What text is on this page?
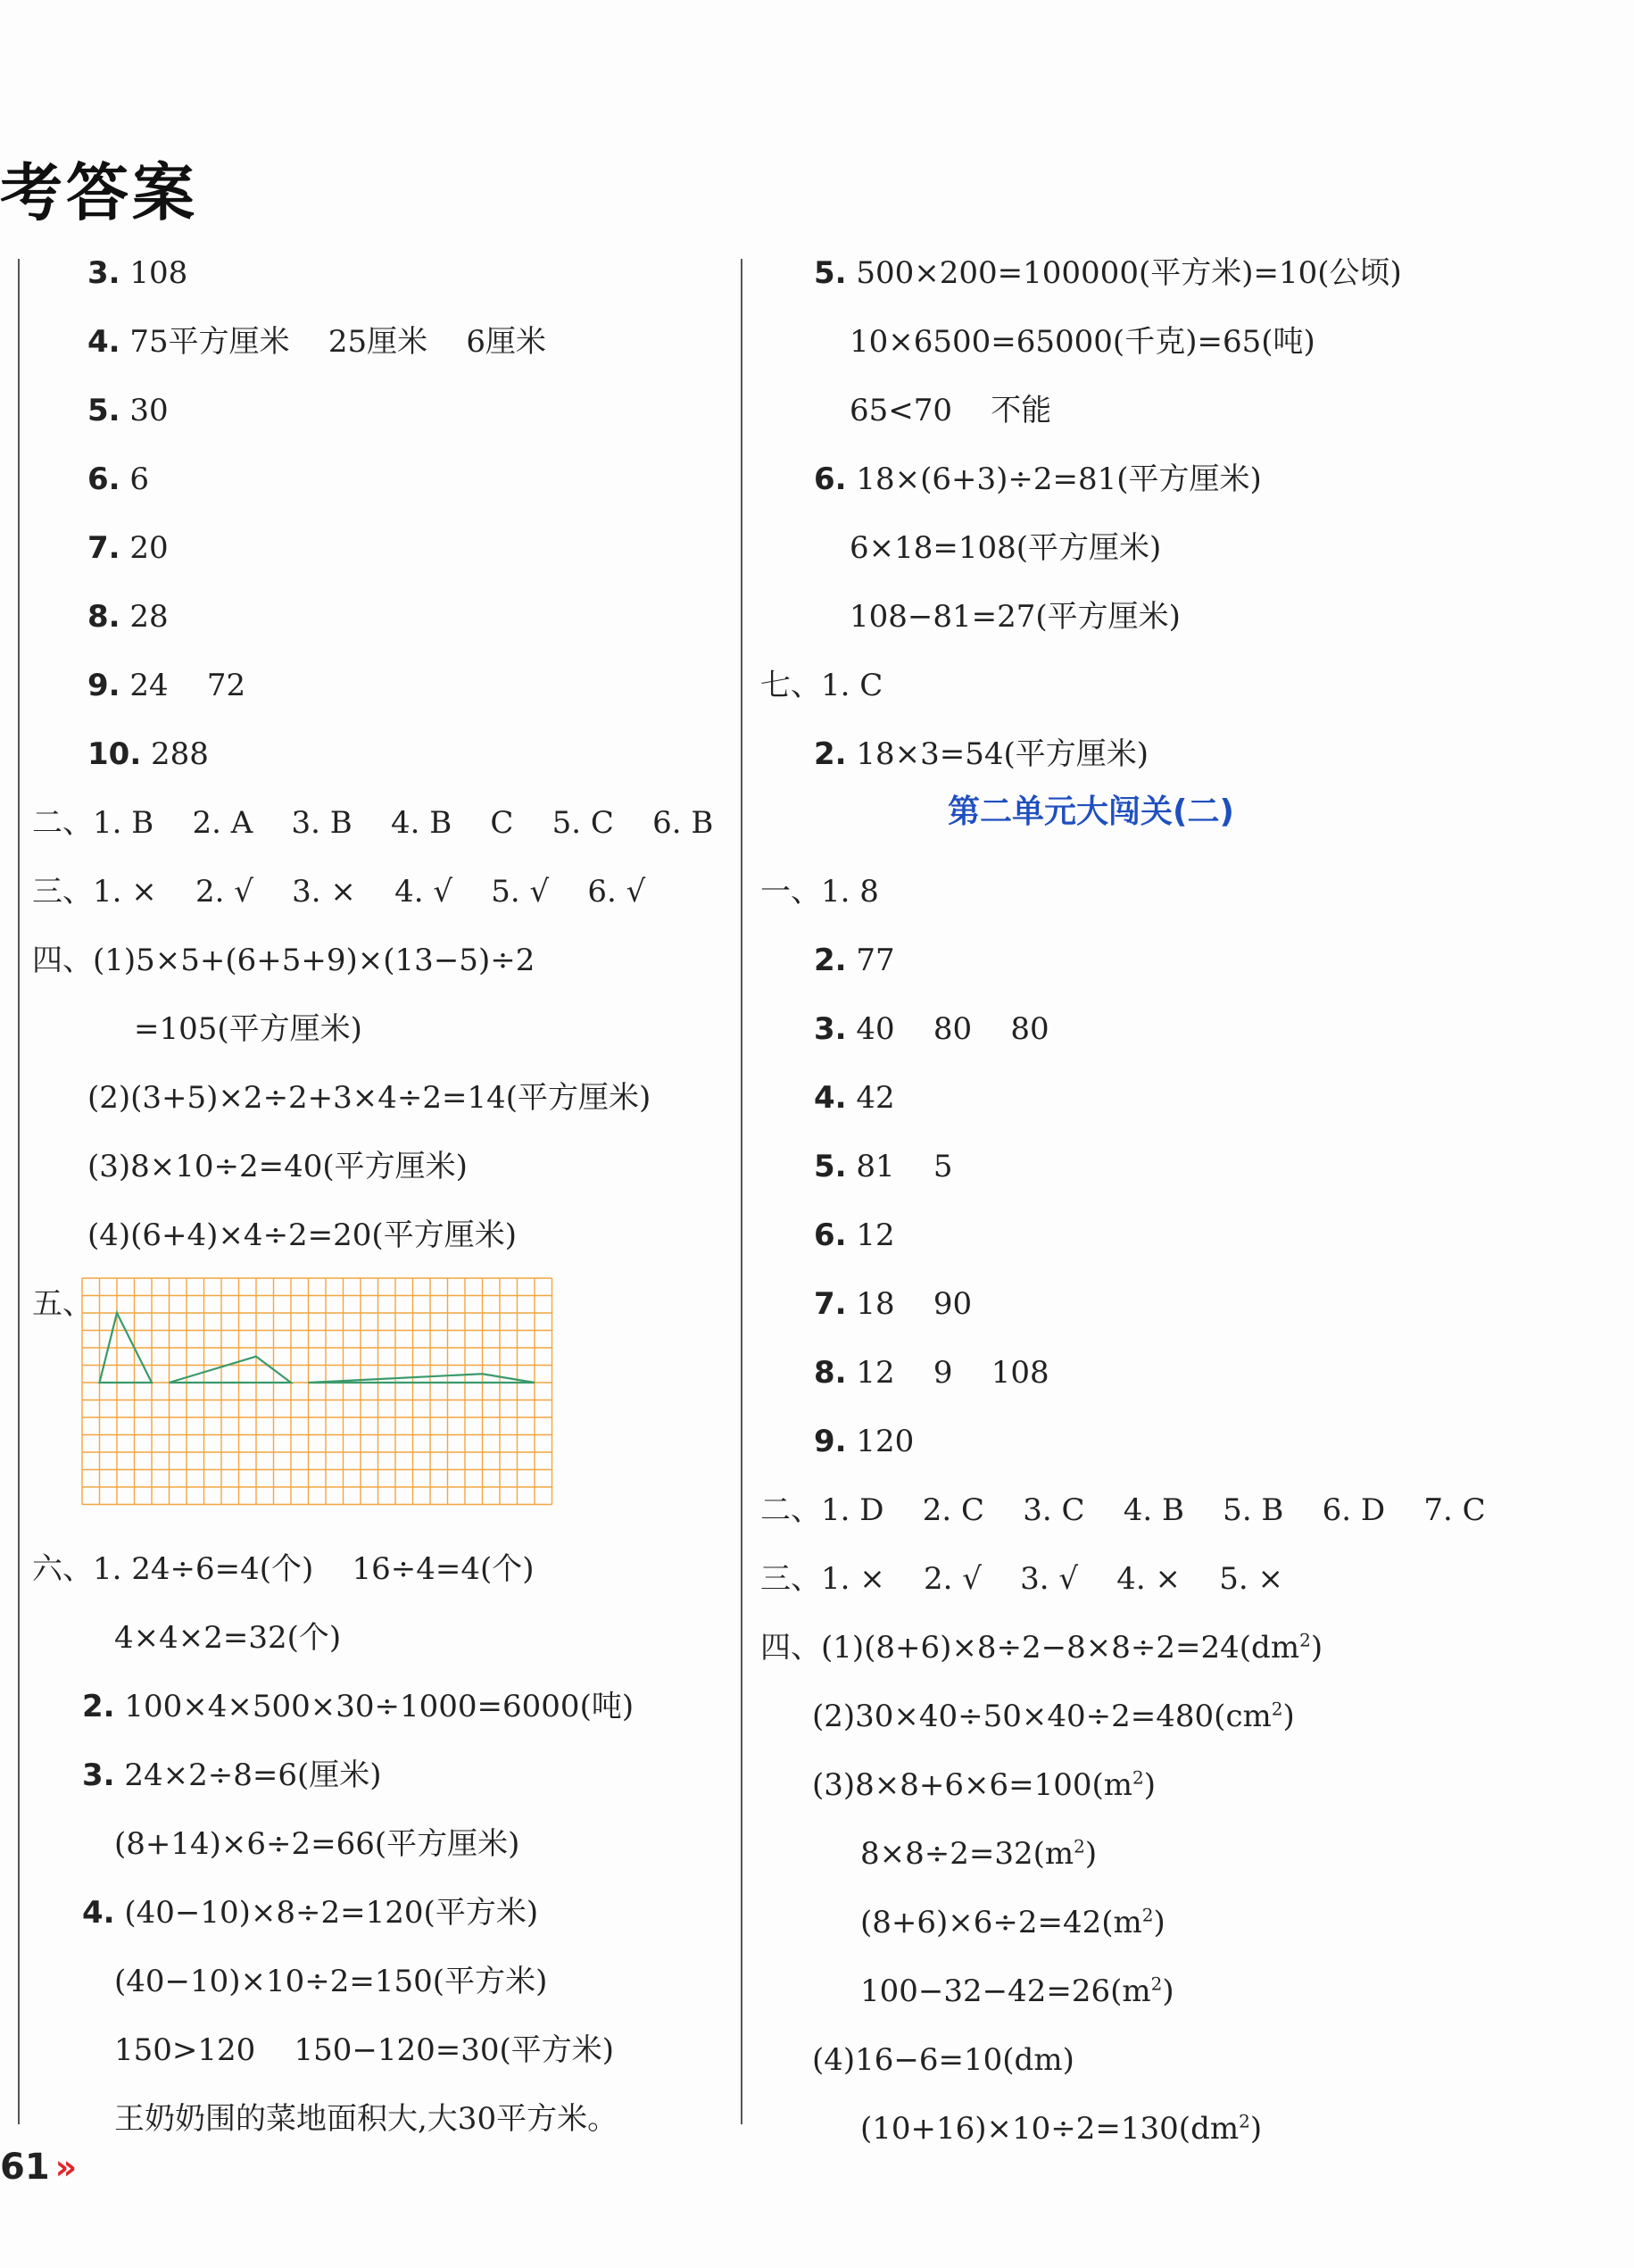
考答案
3. 108
4. 75平方厘米    25厘米    6厘米
5. 30
6. 6
7. 20
8. 28
9. 24    72
10. 288
二、1. B    2. A    3. B    4. B    C    5. C    6. B
三、1. ×    2. √    3. ×    4. √    5. √    6. √
四、(1)5×5+(6+5+9)×(13−5)÷2
=105(平方厘米)
(2)(3+5)×2÷2+3×4÷2=14(平方厘米)
(3)8×10÷2=40(平方厘米)
(4)(6+4)×4÷2=20(平方厘米)
五、
六、1. 24÷6=4(个)    16÷4=4(个)
4×4×2=32(个)
2. 100×4×500×30÷1000=6000(吨)
3. 24×2÷8=6(厘米)
(8+14)×6÷2=66(平方厘米)
4. (40−10)×8÷2=120(平方米)
(40−10)×10÷2=150(平方米)
150>120    150−120=30(平方米)
王奶奶围的菜地面积大,大30平方米。
5. 500×200=100000(平方米)=10(公顷)
10×6500=65000(千克)=65(吨)
65<70    不能
6. 18×(6+3)÷2=81(平方厘米)
6×18=108(平方厘米)
108−81=27(平方厘米)
七、1. C
2. 18×3=54(平方厘米)
第二单元大闯关(二)
一、1. 8
2. 77
3. 40    80    80
4. 42
5. 81    5
6. 12
7. 18    90
8. 12    9    108
9. 120
二、1. D    2. C    3. C    4. B    5. B    6. D    7. C
三、1. ×    2. √    3. √    4. ×    5. ×
四、$(1)(8+6)\times 8\div 2-8\times 8\div 2=24(dm^2)$
$(2)30\times 40\div 50\times 40\div 2=480(cm^2)$
$(3)8\times 8+6\times 6=100(m^2)$
$8\times 8\div 2=32(m^2)$
$(8+6)\times 6\div 2=42(m^2)$
$100-32-42=26(m^2)$
(4)16−6=10(dm)
$(10+16)\times 10\div 2=130(dm^2)$
61 »
